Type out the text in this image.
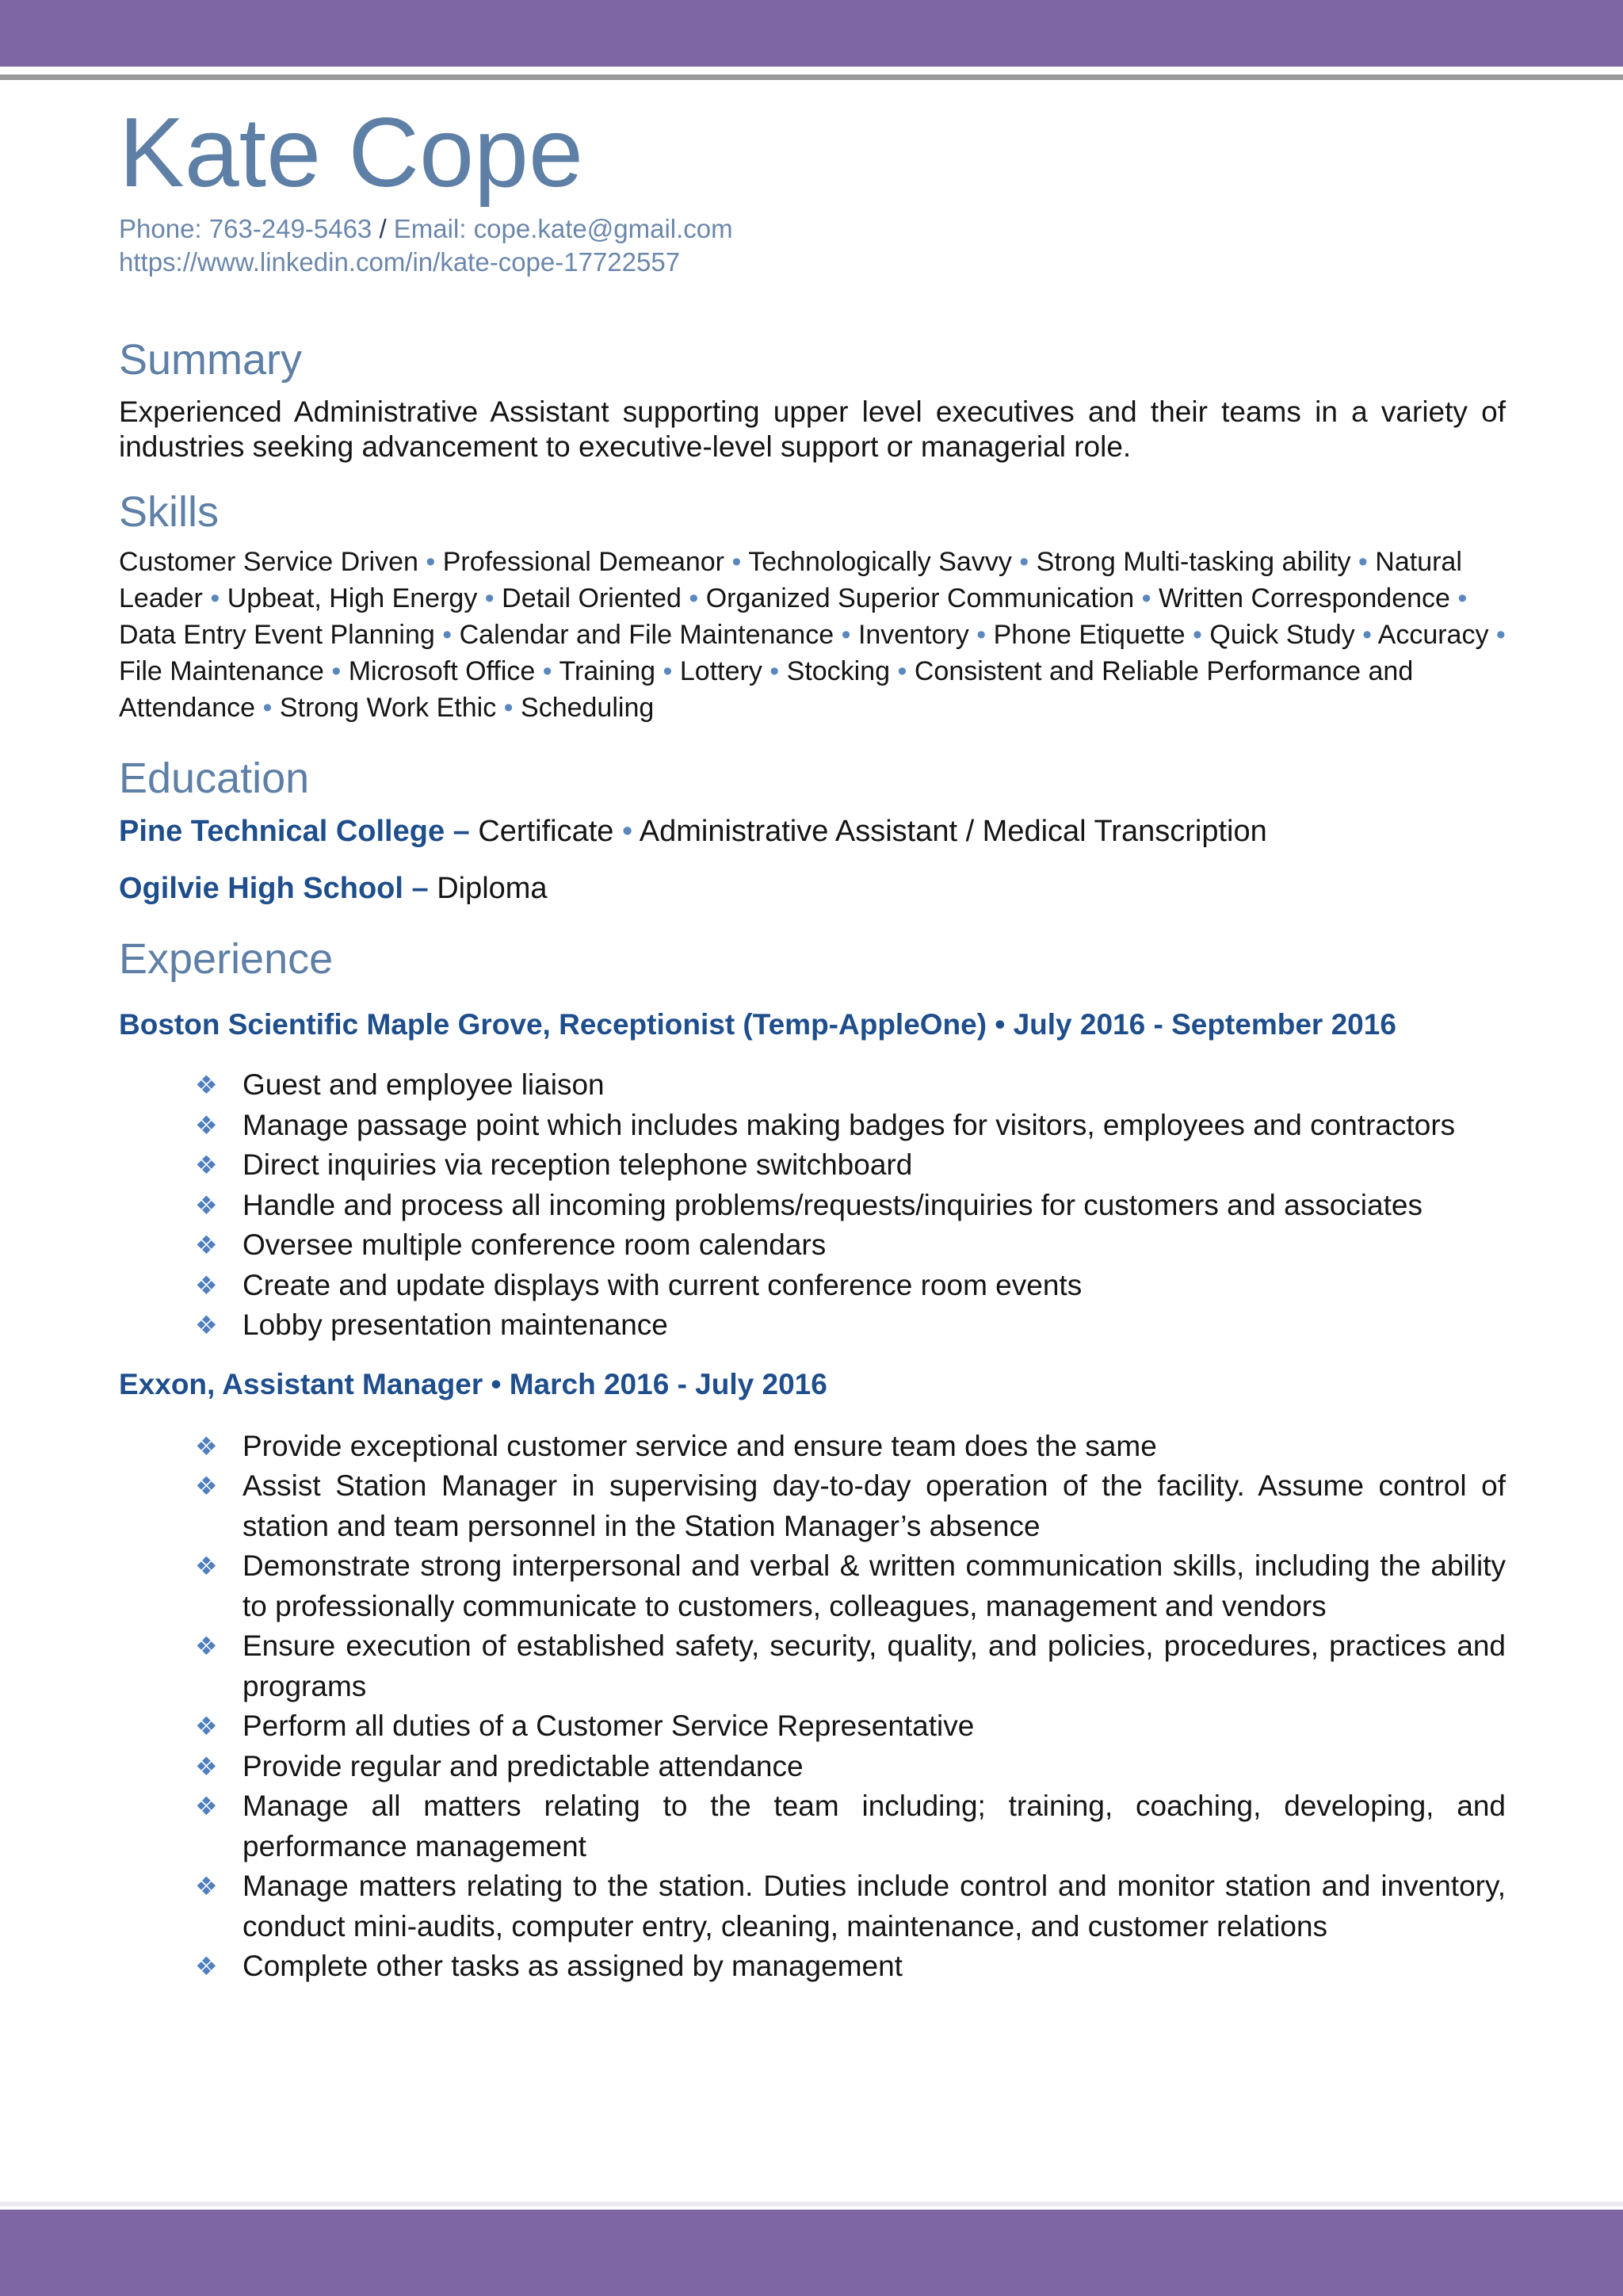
Kate Cope
Phone: 763-249-5463 / Email: cope.kate@gmail.com
https://www.linkedin.com/in/kate-cope-17722557
Summary
Experienced Administrative Assistant supporting upper level executives and their teams in a variety of industries seeking advancement to executive-level support or managerial role.
Skills
Customer Service Driven • Professional Demeanor • Technologically Savvy • Strong Multi-tasking ability • Natural Leader • Upbeat, High Energy • Detail Oriented • Organized Superior Communication • Written Correspondence • Data Entry Event Planning • Calendar and File Maintenance • Inventory • Phone Etiquette • Quick Study • Accuracy • File Maintenance • Microsoft Office • Training • Lottery • Stocking • Consistent and Reliable Performance and Attendance • Strong Work Ethic • Scheduling
Education
Pine Technical College – Certificate • Administrative Assistant / Medical Transcription
Ogilvie High School – Diploma
Experience
Boston Scientific Maple Grove, Receptionist (Temp-AppleOne) • July 2016 - September 2016
❖ Guest and employee liaison
❖ Manage passage point which includes making badges for visitors, employees and contractors
❖ Direct inquiries via reception telephone switchboard
❖ Handle and process all incoming problems/requests/inquiries for customers and associates
❖ Oversee multiple conference room calendars
❖ Create and update displays with current conference room events
❖ Lobby presentation maintenance
Exxon, Assistant Manager • March 2016 - July 2016
❖ Provide exceptional customer service and ensure team does the same
❖ Assist Station Manager in supervising day-to-day operation of the facility. Assume control of station and team personnel in the Station Manager’s absence
❖ Demonstrate strong interpersonal and verbal & written communication skills, including the ability to professionally communicate to customers, colleagues, management and vendors
❖ Ensure execution of established safety, security, quality, and policies, procedures, practices and programs
❖ Perform all duties of a Customer Service Representative
❖ Provide regular and predictable attendance
❖ Manage all matters relating to the team including; training, coaching, developing, and performance management
❖ Manage matters relating to the station. Duties include control and monitor station and inventory, conduct mini-audits, computer entry, cleaning, maintenance, and customer relations
❖ Complete other tasks as assigned by management
